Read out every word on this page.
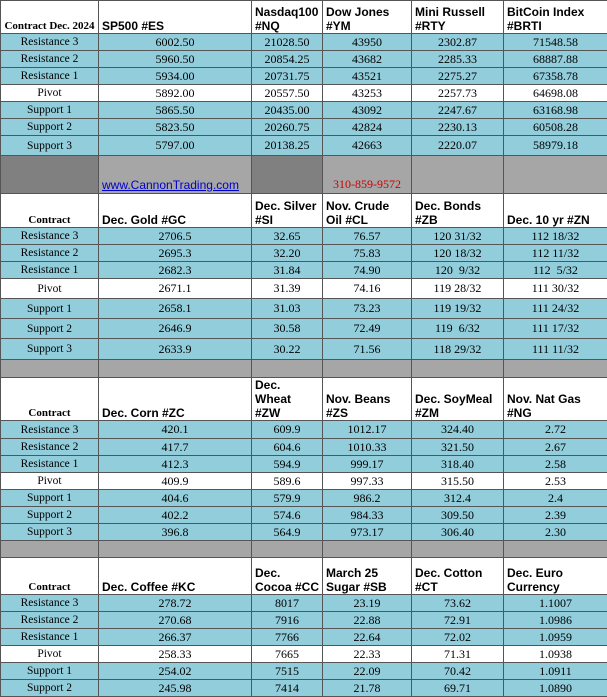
Contract Dec. 2024	SP500 #ES	Nasdaq100 #NQ	Dow Jones #YM	Mini Russell #RTY	BitCoin Index #BRTI
Resistance 3	6002.50	21028.50	43950	2302.87	71548.58
Resistance 2	5960.50	20854.25	43682	2285.33	68887.88
Resistance 1	5934.00	20731.75	43521	2275.27	67358.78
Pivot	5892.00	20557.50	43253	2257.73	64698.08
Support 1	5865.50	20435.00	43092	2247.67	63168.98
Support 2	5823.50	20260.75	42824	2230.13	60508.28
Support 3	5797.00	20138.25	42663	2220.07	58979.18
	www.CannonTrading.com		310-859-9572		
Contract	Dec. Gold #GC	Dec. Silver #SI	Nov. Crude Oil #CL	Dec. Bonds #ZB	Dec. 10 yr #ZN
Resistance 3	2706.5	32.65	76.57	120 31/32	112 18/32
Resistance 2	2695.3	32.20	75.83	120 18/32	112 11/32
Resistance 1	2682.3	31.84	74.90	120  9/32	112  5/32
Pivot	2671.1	31.39	74.16	119 28/32	111 30/32
Support 1	2658.1	31.03	73.23	119 19/32	111 24/32
Support 2	2646.9	30.58	72.49	119  6/32	111 17/32
Support 3	2633.9	30.22	71.56	118 29/32	111 11/32

Contract	Dec. Corn #ZC	Dec. Wheat #ZW	Nov. Beans #ZS	Dec. SoyMeal #ZM	Nov. Nat Gas #NG
Resistance 3	420.1	609.9	1012.17	324.40	2.72
Resistance 2	417.7	604.6	1010.33	321.50	2.67
Resistance 1	412.3	594.9	999.17	318.40	2.58
Pivot	409.9	589.6	997.33	315.50	2.53
Support 1	404.6	579.9	986.2	312.4	2.4
Support 2	402.2	574.6	984.33	309.50	2.39
Support 3	396.8	564.9	973.17	306.40	2.30

Contract	Dec. Coffee #KC	Dec. Cocoa #CC	March 25 Sugar #SB	Dec. Cotton #CT	Dec. Euro Currency
Resistance 3	278.72	8017	23.19	73.62	1.1007
Resistance 2	270.68	7916	22.88	72.91	1.0986
Resistance 1	266.37	7766	22.64	72.02	1.0959
Pivot	258.33	7665	22.33	71.31	1.0938
Support 1	254.02	7515	22.09	70.42	1.0911
Support 2	245.98	7414	21.78	69.71	1.0890
